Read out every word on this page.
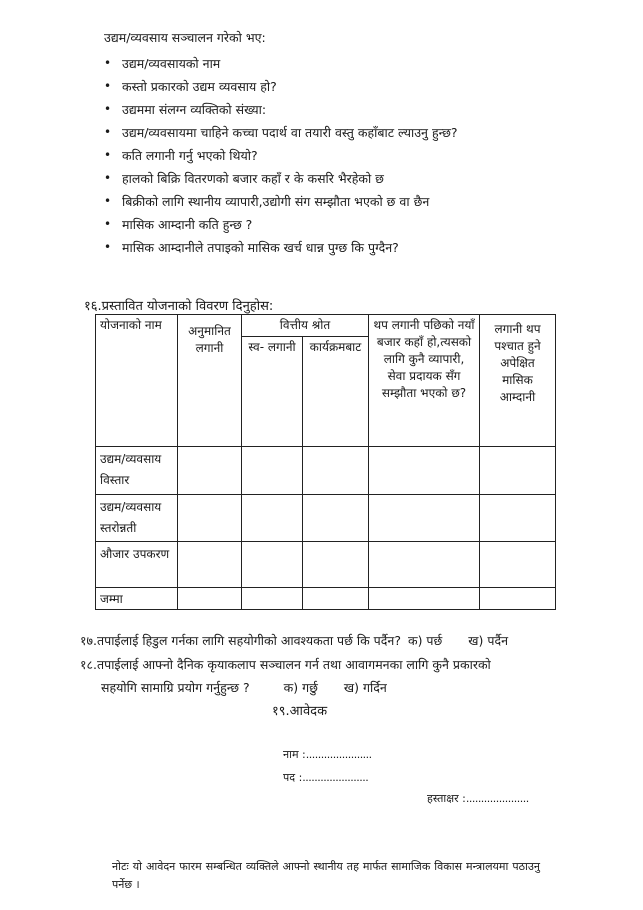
उद्यम/व्यवसाय सञ्चालन गरेको भए:
• उद्यम/व्यवसायको नाम
• कस्तो प्रकारको उद्यम व्यवसाय हो?
• उद्यममा संलग्न व्यक्तिको संख्या:
• उद्यम/व्यवसायमा चाहिने कच्चा पदार्थ वा तयारी वस्तु कहाँबाट ल्याउनु हुन्छ?
• कति लगानी गर्नु भएको थियो?
• हालको बिक्रि वितरणको बजार कहाँ र के कसरि भैरहेको छ
• बिक्रीको लागि स्थानीय व्यापारी,उद्योगी संग सम्झौता भएको छ वा छैन
• मासिक आम्दानी कति हुन्छ ?
• मासिक आम्दानीले तपाइको मासिक खर्च धान्न पुग्छ कि पुग्दैन?
१६.प्रस्तावित योजनाको विवरण दिनुहोस:
योजनाको नाम	अनुमानित लगानी	वित्तीय श्रोत		थप लगानी पछिको नयाँ बजार कहाँ हो,त्यसको लागि कुनै व्यापारी, सेवा प्रदायक सँग सम्झौता भएको छ?	लगानी थप पश्चात हुने अपेक्षित मासिक आम्दानी
		स्व- लगानी	कार्यक्रमबाट		
उद्यम/व्यवसाय विस्तार					
उद्यम/व्यवसाय स्तरोन्नती					
औजार उपकरण					
जम्मा					
१७.तपाईलाई हिडुल गर्नका लागि सहयोगीको आवश्यकता पर्छ कि पर्दैन? क) पर्छ ख) पर्दैन
१८.तपाईलाई आफ्नो दैनिक कृयाकलाप सञ्चालन गर्न तथा आवागमनका लागि कुनै प्रकारको
सहयोगि सामाग्रि प्रयोग गर्नुहुन्छ ?	क) गर्छु ख) गर्दिन
१९.आवेदक
नाम :......................
पद :......................
हस्ताक्षर :.....................
नोटः यो आवेदन फारम सम्बन्धित व्यक्तिले आफ्नो स्थानीय तह मार्फत सामाजिक विकास मन्त्रालयमा पठाउनु पर्नेछ ।
